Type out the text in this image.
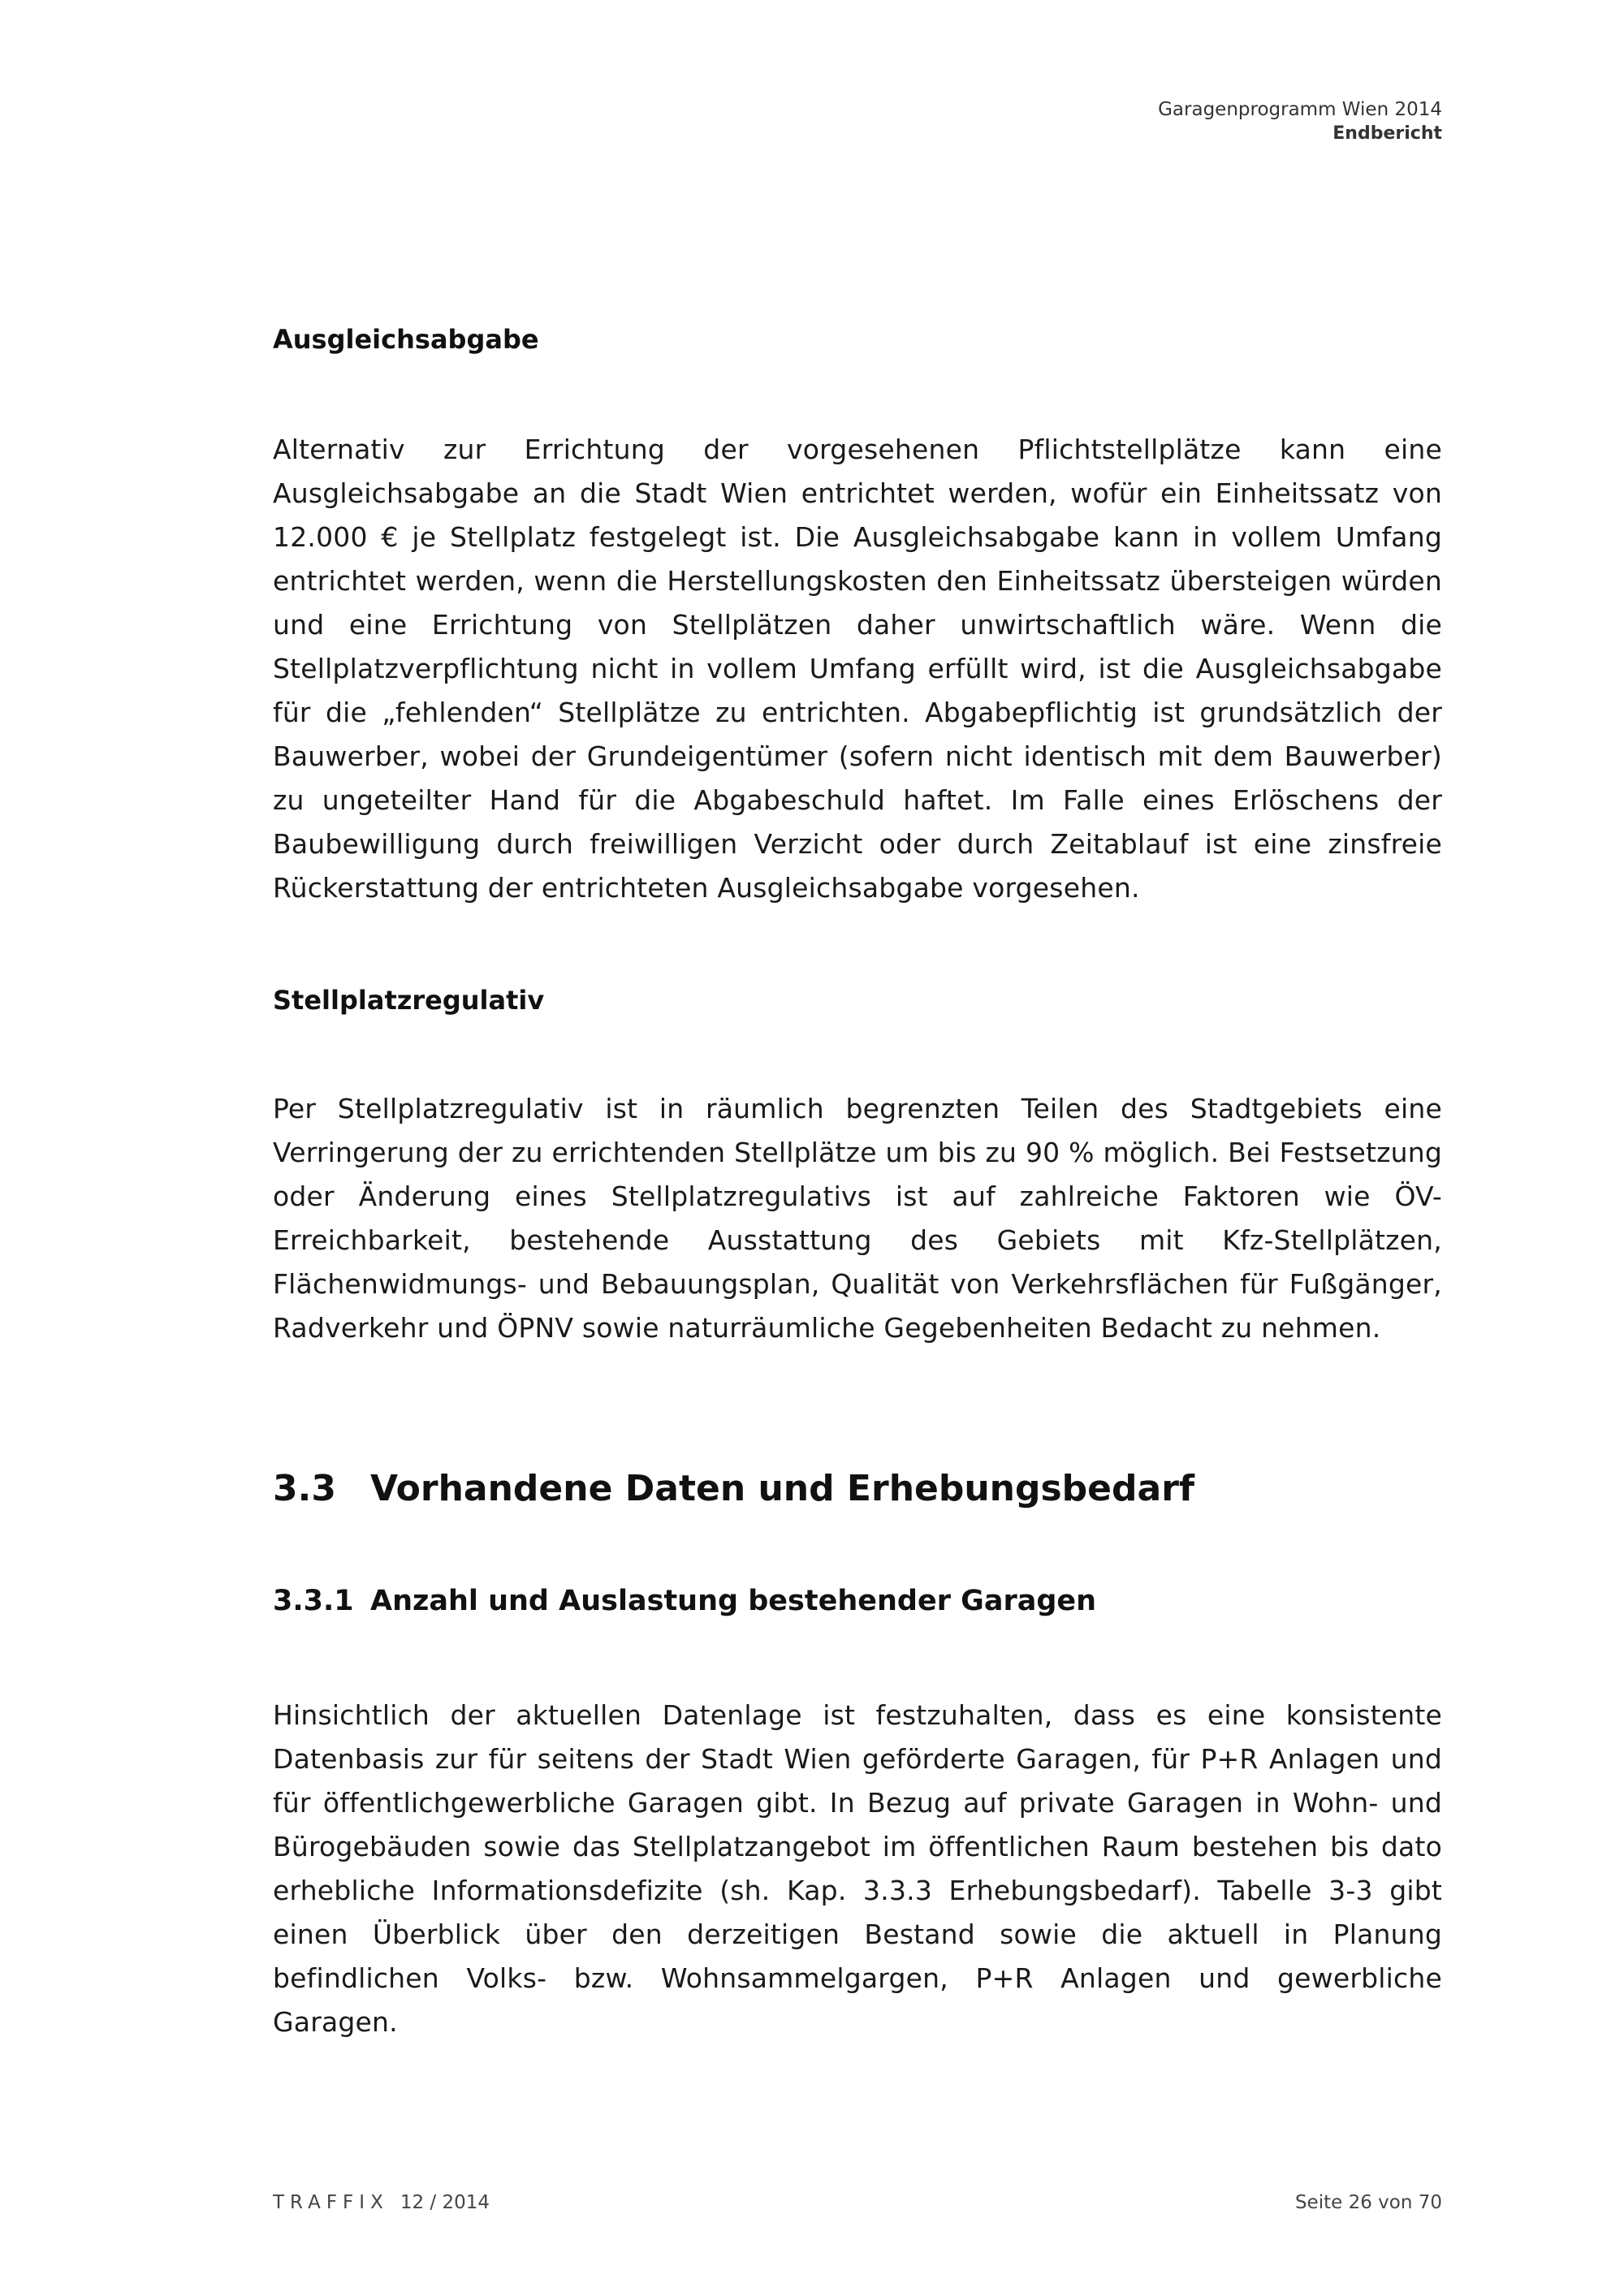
Garagenprogramm Wien 2014
Endbericht
Ausgleichsabgabe
Alternativ zur Errichtung der vorgesehenen Pflichtstellplätze kann eine Ausgleichsabgabe an die Stadt Wien entrichtet werden, wofür ein Einheitssatz von 12.000 € je Stellplatz festgelegt ist. Die Ausgleichsabgabe kann in vollem Umfang entrichtet werden, wenn die Herstellungskosten den Einheitssatz übersteigen würden und eine Errichtung von Stellplätzen daher unwirtschaftlich wäre. Wenn die Stellplatzverpflichtung nicht in vollem Umfang erfüllt wird, ist die Ausgleichsabgabe für die „fehlenden“ Stellplätze zu entrichten. Abgabepflichtig ist grundsätzlich der Bauwerber, wobei der Grundeigentümer (sofern nicht identisch mit dem Bauwerber) zu ungeteilter Hand für die Abgabeschuld haftet. Im Falle eines Erlöschens der Baubewilligung durch freiwilligen Verzicht oder durch Zeitablauf ist eine zinsfreie Rückerstattung der entrichteten Ausgleichsabgabe vorgesehen.
Stellplatzregulativ
Per Stellplatzregulativ ist in räumlich begrenzten Teilen des Stadtgebiets eine Verringerung der zu errichtenden Stellplätze um bis zu 90 % möglich. Bei Festsetzung oder Änderung eines Stellplatzregulativs ist auf zahlreiche Faktoren wie ÖV-Erreichbarkeit, bestehende Ausstattung des Gebiets mit Kfz-Stellplätzen, Flächenwidmungs- und Bebauungsplan, Qualität von Verkehrsflächen für Fußgänger, Radverkehr und ÖPNV sowie naturräumliche Gegebenheiten Bedacht zu nehmen.
3.3 Vorhandene Daten und Erhebungsbedarf
3.3.1 Anzahl und Auslastung bestehender Garagen
Hinsichtlich der aktuellen Datenlage ist festzuhalten, dass es eine konsistente Datenbasis zur für seitens der Stadt Wien geförderte Garagen, für P+R Anlagen und für öffentlichgewerbliche Garagen gibt. In Bezug auf private Garagen in Wohn- und Bürogebäuden sowie das Stellplatzangebot im öffentlichen Raum bestehen bis dato erhebliche Informationsdefizite (sh. Kap. 3.3.3 Erhebungsbedarf). Tabelle 3-3 gibt einen Überblick über den derzeitigen Bestand sowie die aktuell in Planung befindlichen Volks- bzw. Wohnsammelgargen, P+R Anlagen und gewerbliche Garagen.
TRAFFIX 12 / 2014	Seite 26 von 70
